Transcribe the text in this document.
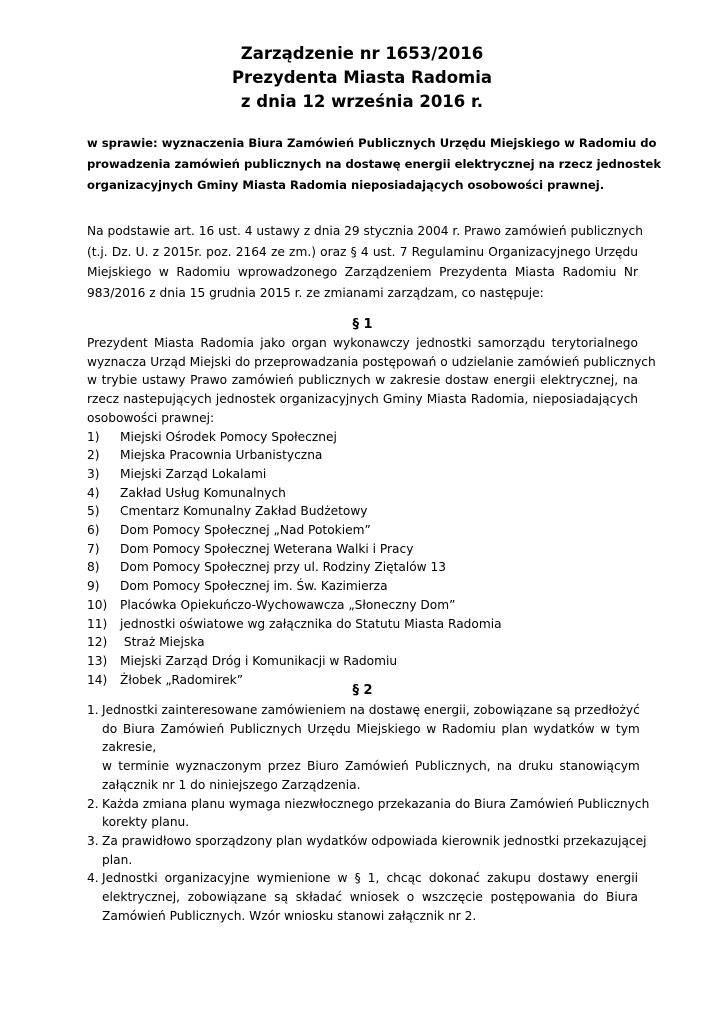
Zarządzenie nr 1653/2016
Prezydenta Miasta Radomia
z dnia 12 września 2016 r.
w sprawie: wyznaczenia Biura Zamówień Publicznych Urzędu Miejskiego w Radomiu do
prowadzenia zamówień publicznych na dostawę energii elektrycznej na rzecz jednostek
organizacyjnych Gminy Miasta Radomia nieposiadających osobowości prawnej.
Na podstawie art. 16 ust. 4 ustawy z dnia 29 stycznia 2004 r. Prawo zamówień publicznych
(t.j. Dz. U. z 2015r. poz. 2164 ze zm.) oraz § 4 ust. 7 Regulaminu Organizacyjnego Urzędu
Miejskiego w Radomiu wprowadzonego Zarządzeniem Prezydenta Miasta Radomiu Nr
983/2016 z dnia 15 grudnia 2015 r. ze zmianami zarządzam, co następuje:
§ 1
Prezydent Miasta Radomia jako organ wykonawczy jednostki samorządu terytorialnego
wyznacza Urząd Miejski do przeprowadzania postępowań o udzielanie zamówień publicznych
w trybie ustawy Prawo zamówień publicznych w zakresie dostaw energii elektrycznej, na
rzecz nastepujących jednostek organizacyjnych Gminy Miasta Radomia, nieposiadających
osobowości prawnej:
1)	Miejski Ośrodek Pomocy Społecznej
2)	Miejska Pracownia Urbanistyczna
3)	Miejski Zarząd Lokalami
4)	Zakład Usług Komunalnych
5)	Cmentarz Komunalny Zakład Budżetowy
6)	Dom Pomocy Społecznej „Nad Potokiem”
7)	Dom Pomocy Społecznej Weterana Walki i Pracy
8)	Dom Pomocy Społecznej przy ul. Rodziny Ziętalów 13
9)	Dom Pomocy Społecznej im. Św. Kazimierza
10)	Placówka Opiekuńczo-Wychowawcza „Słoneczny Dom”
11)	jednostki oświatowe wg załącznika do Statutu Miasta Radomia
12)	Straż Miejska
13)	Miejski Zarząd Dróg i Komunikacji w Radomiu
14)	Żłobek „Radomirek”
§ 2
1. Jednostki zainteresowane zamówieniem na dostawę energii, zobowiązane są przedłożyć
do Biura Zamówień Publicznych Urzędu Miejskiego w Radomiu plan wydatków w tym
zakresie,
w terminie wyznaczonym przez Biuro Zamówień Publicznych, na druku stanowiącym
załącznik nr 1 do niniejszego Zarządzenia.
2. Każda zmiana planu wymaga niezwłocznego przekazania do Biura Zamówień Publicznych
korekty planu.
3. Za prawidłowo sporządzony plan wydatków odpowiada kierownik jednostki przekazującej
plan.
4. Jednostki organizacyjne wymienione w § 1, chcąc dokonać zakupu dostawy energii
elektrycznej, zobowiązane są składać wniosek o wszczęcie postępowania do Biura
Zamówień Publicznych. Wzór wniosku stanowi załącznik nr 2.
